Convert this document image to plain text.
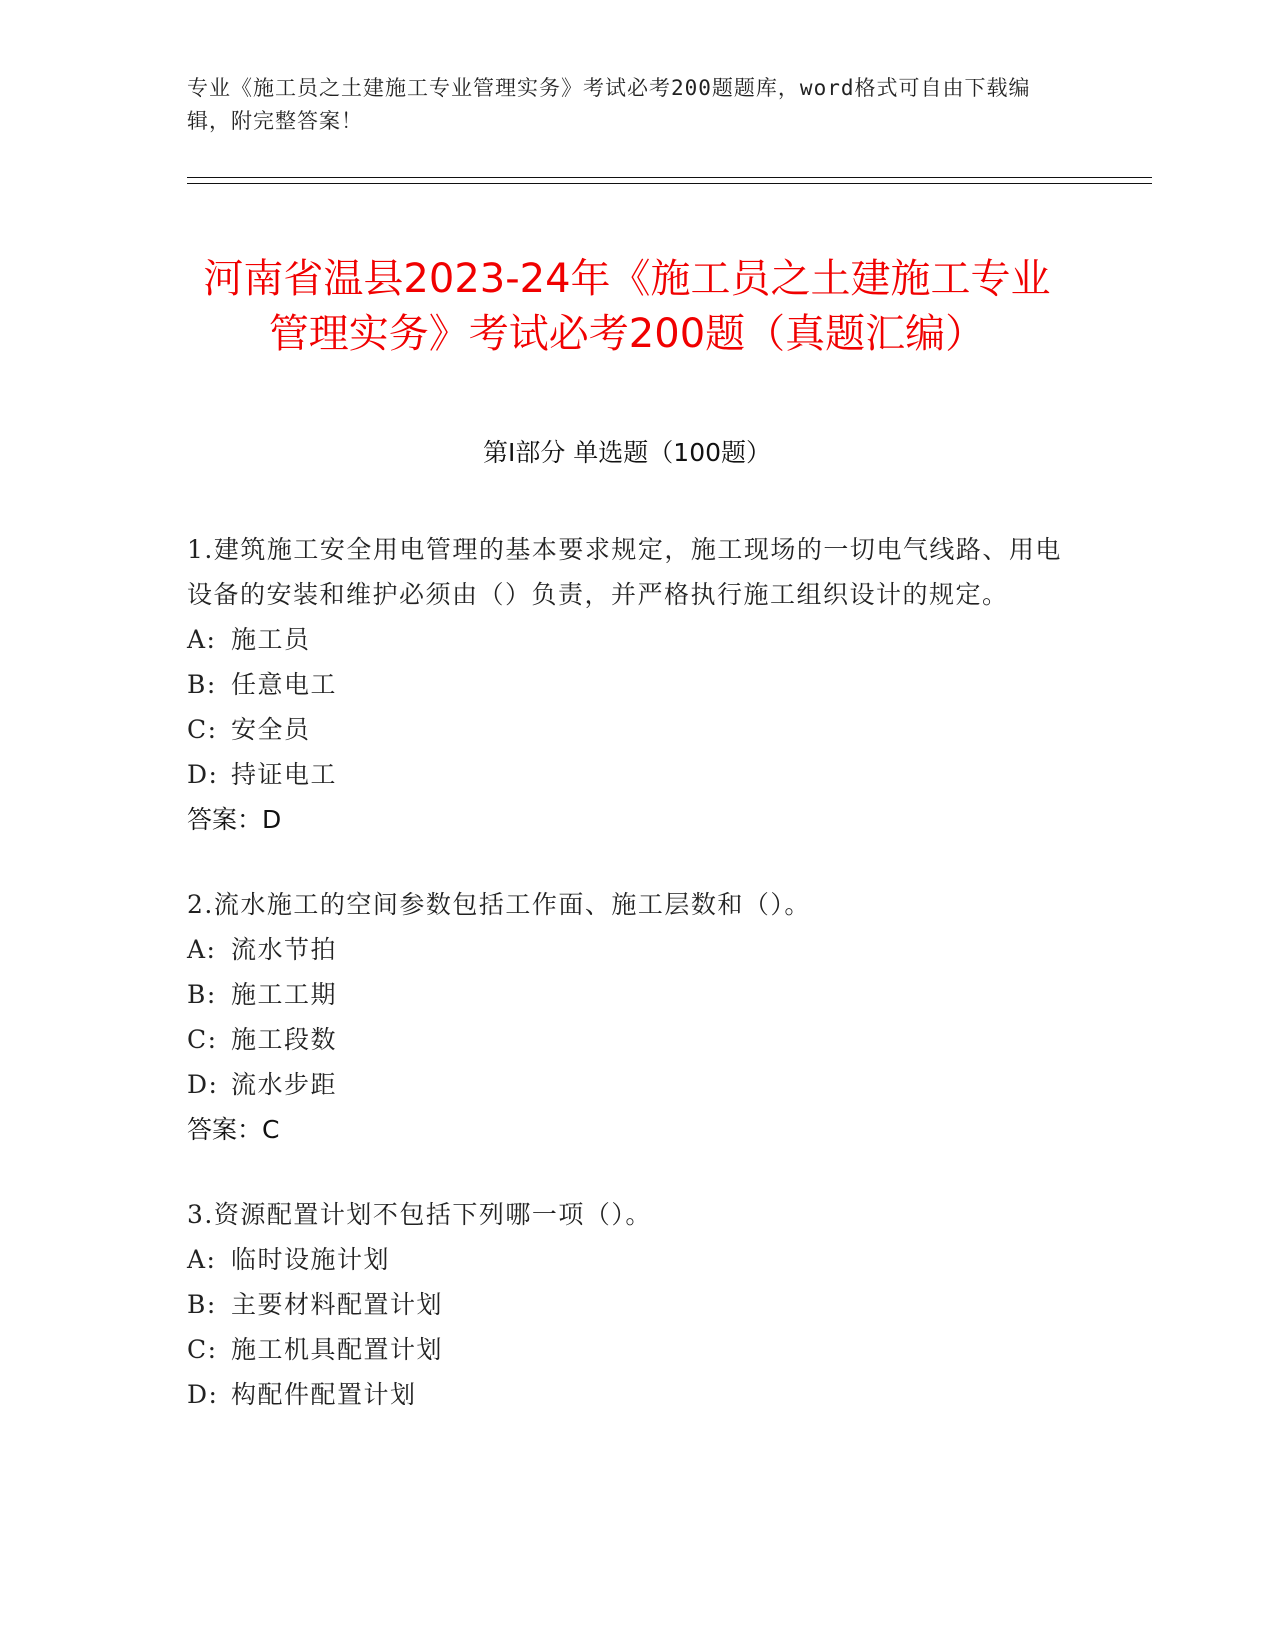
专业《施工员之土建施工专业管理实务》考试必考200题题库，word格式可自由下载编辑，附完整答案！
河南省温县2023-24年《施工员之土建施工专业管理实务》考试必考200题（真题汇编）
第Ⅰ部分 单选题（100题）
1.建筑施工安全用电管理的基本要求规定，施工现场的一切电气线路、用电设备的安装和维护必须由（）负责，并严格执行施工组织设计的规定。
A: 施工员
B: 任意电工
C: 安全员
D: 持证电工
答案：D
2.流水施工的空间参数包括工作面、施工层数和（）。
A: 流水节拍
B: 施工工期
C: 施工段数
D: 流水步距
答案：C
3.资源配置计划不包括下列哪一项（）。
A: 临时设施计划
B: 主要材料配置计划
C: 施工机具配置计划
D: 构配件配置计划
